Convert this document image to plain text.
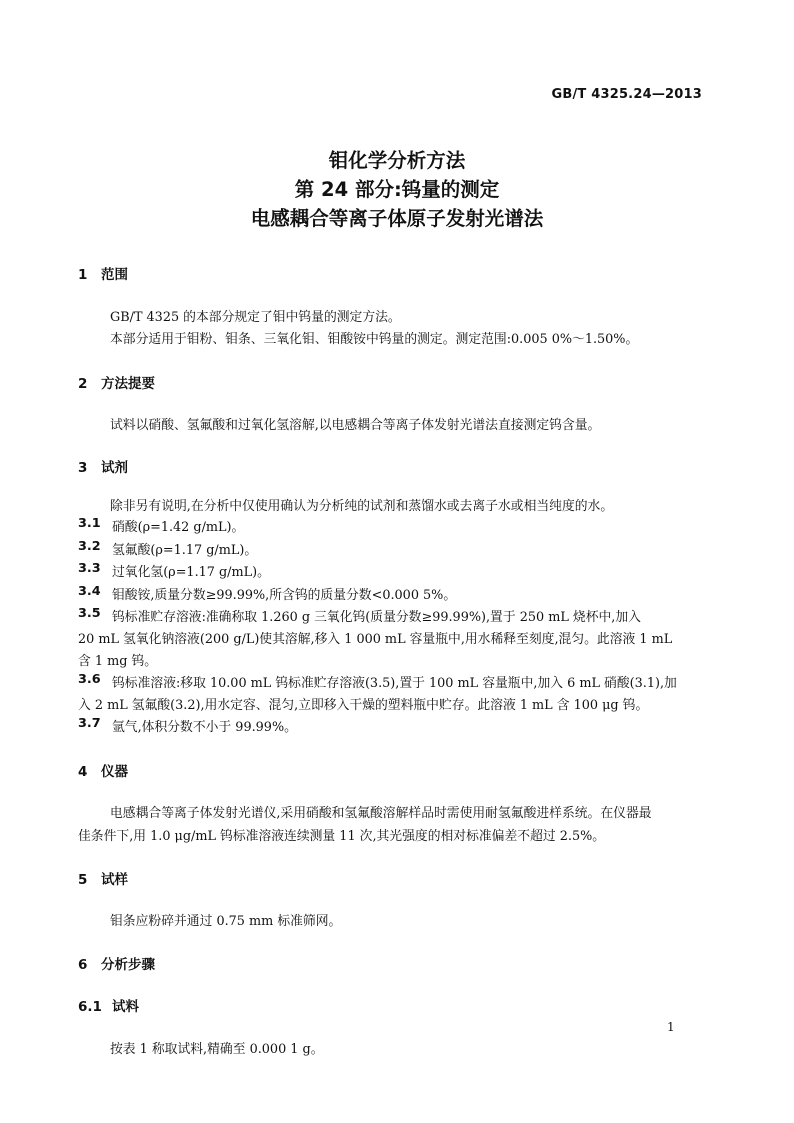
GB/T 4325.24—2013
钼化学分析方法
第 24 部分:钨量的测定
电感耦合等离子体原子发射光谱法
1 范围
GB/T 4325 的本部分规定了钼中钨量的测定方法。
本部分适用于钼粉、钼条、三氧化钼、钼酸铵中钨量的测定。测定范围:0.005 0%～1.50%。
2 方法提要
试料以硝酸、氢氟酸和过氧化氢溶解,以电感耦合等离子体发射光谱法直接测定钨含量。
3 试剂
除非另有说明,在分析中仅使用确认为分析纯的试剂和蒸馏水或去离子水或相当纯度的水。
3.1 硝酸(ρ=1.42 g/mL)。
3.2 氢氟酸(ρ=1.17 g/mL)。
3.3 过氧化氢(ρ=1.17 g/mL)。
3.4 钼酸铵,质量分数≥99.99%,所含钨的质量分数<0.000 5%。
3.5 钨标准贮存溶液:准确称取 1.260 g 三氧化钨(质量分数≥99.99%),置于 250 mL 烧杯中,加入
20 mL 氢氧化钠溶液(200 g/L)使其溶解,移入 1 000 mL 容量瓶中,用水稀释至刻度,混匀。此溶液 1 mL
含 1 mg 钨。
3.6 钨标准溶液:移取 10.00 mL 钨标准贮存溶液(3.5),置于 100 mL 容量瓶中,加入 6 mL 硝酸(3.1),加
入 2 mL 氢氟酸(3.2),用水定容、混匀,立即移入干燥的塑料瓶中贮存。此溶液 1 mL 含 100 μg 钨。
3.7 氩气,体积分数不小于 99.99%。
4 仪器
电感耦合等离子体发射光谱仪,采用硝酸和氢氟酸溶解样品时需使用耐氢氟酸进样系统。在仪器最
佳条件下,用 1.0 μg/mL 钨标准溶液连续测量 11 次,其光强度的相对标准偏差不超过 2.5%。
5 试样
钼条应粉碎并通过 0.75 mm 标准筛网。
6 分析步骤
6.1 试料
按表 1 称取试料,精确至 0.000 1 g。
1
